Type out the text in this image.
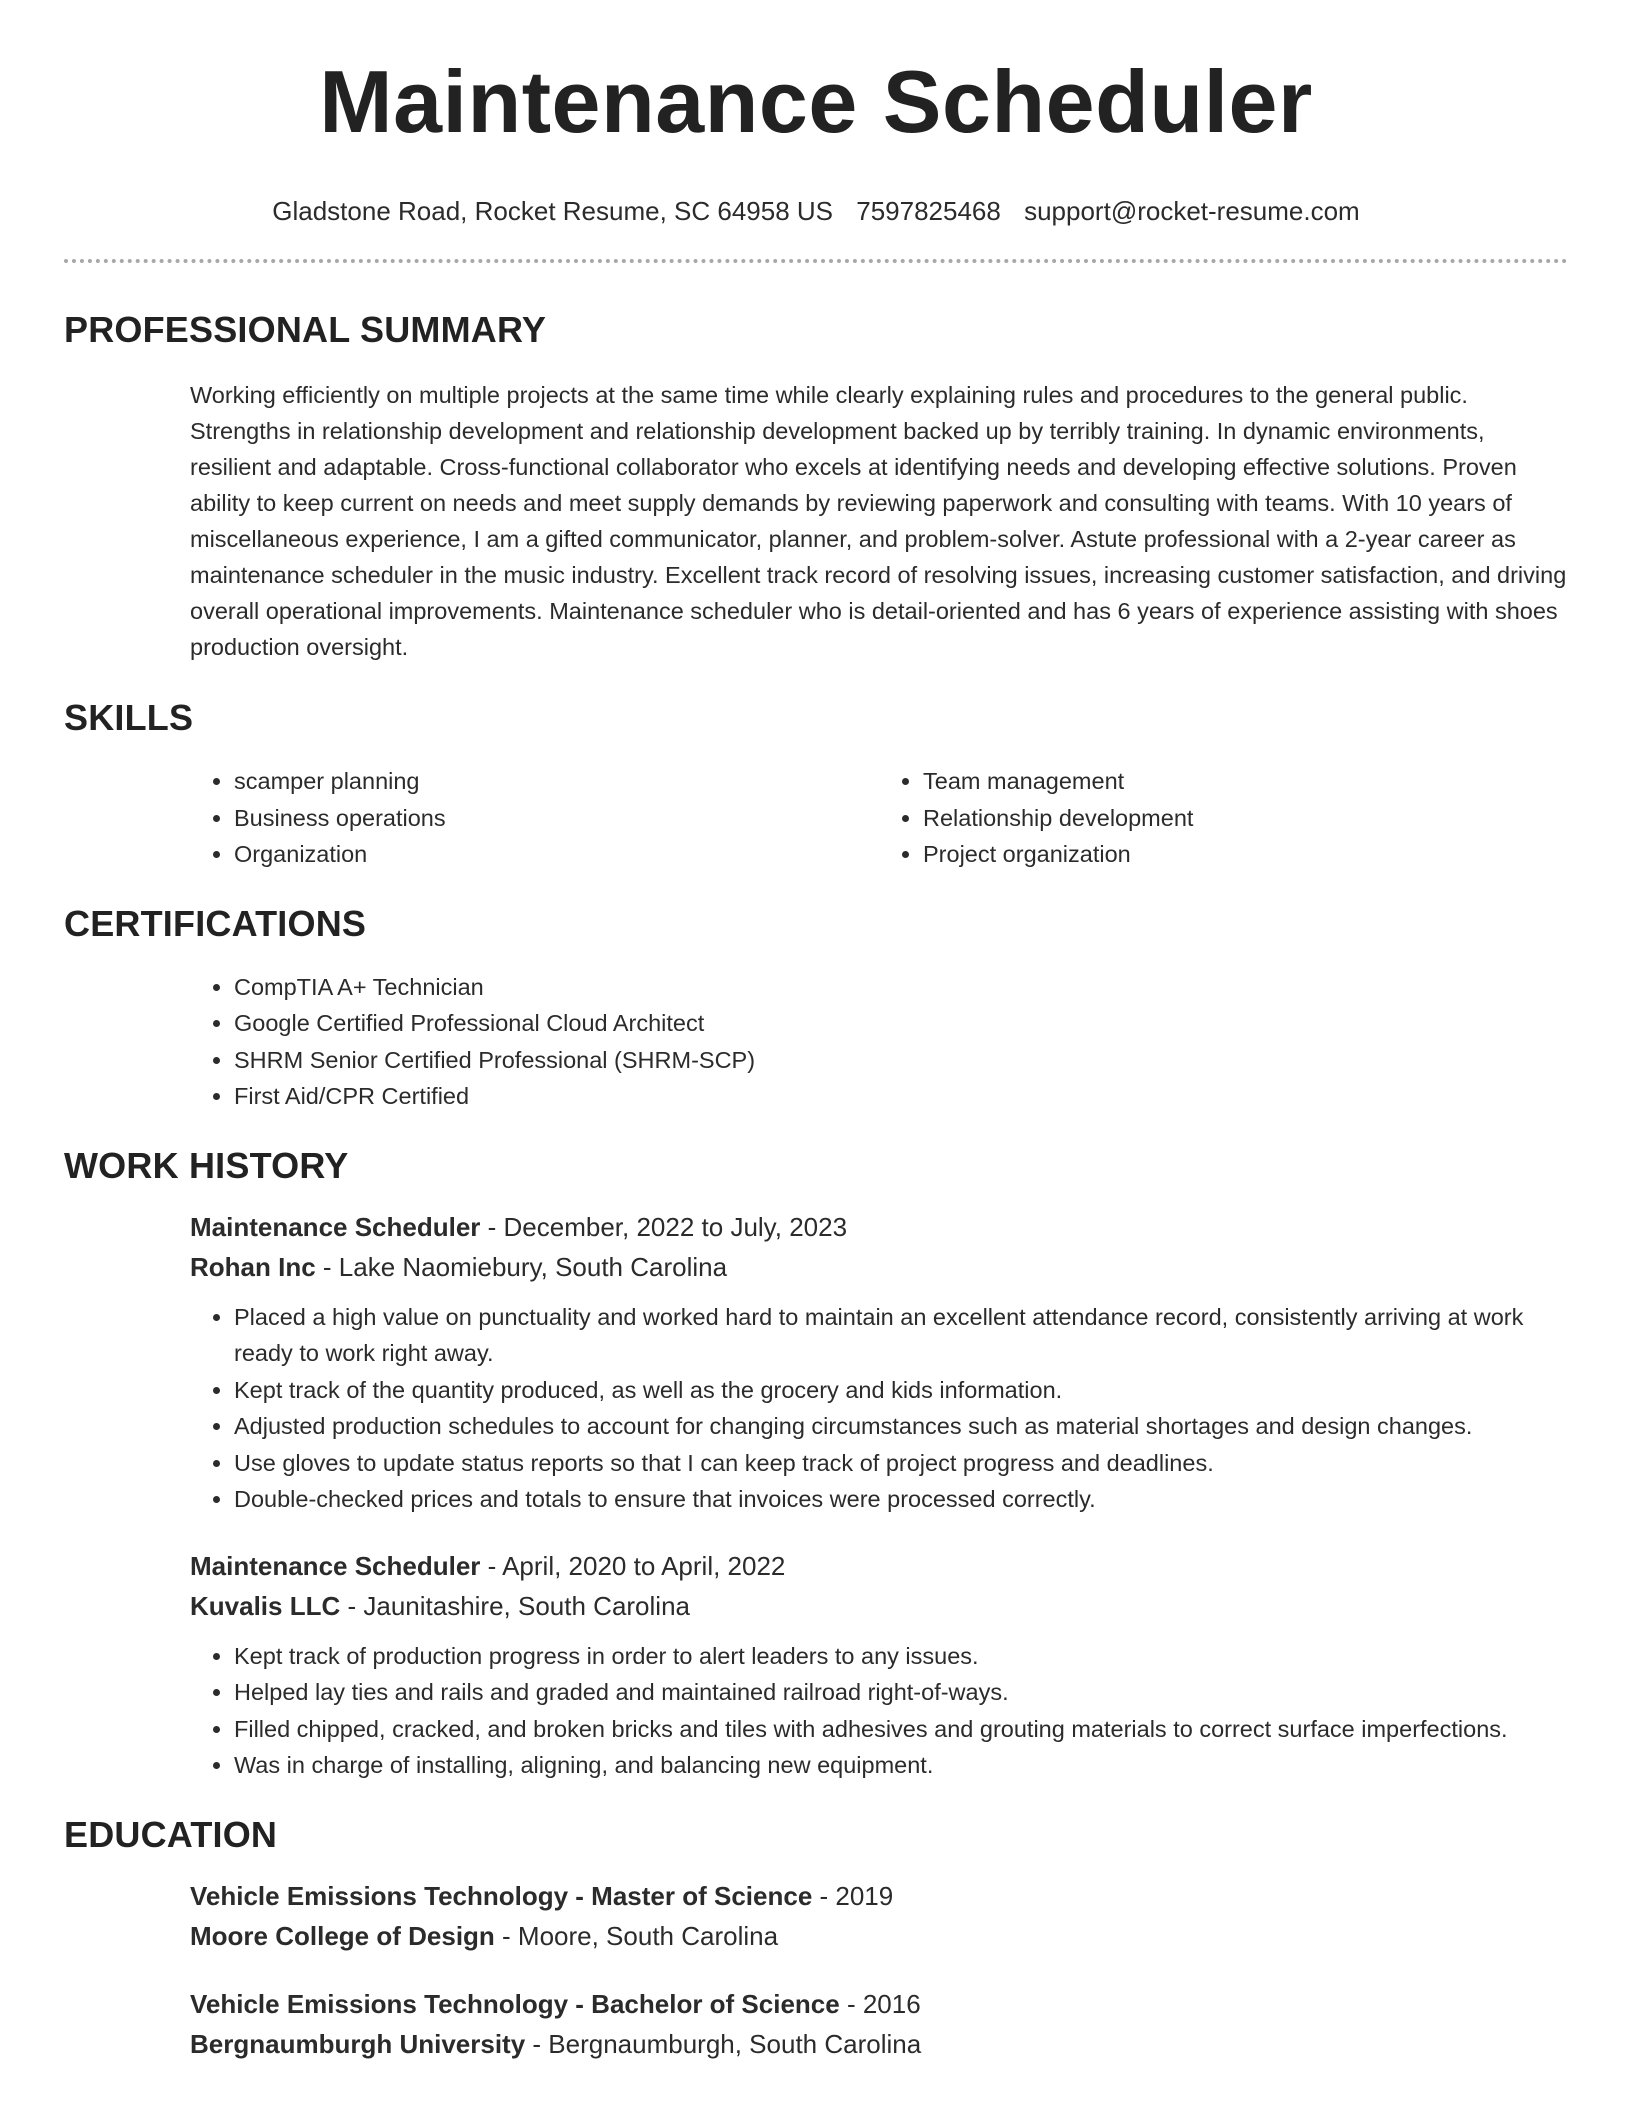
Maintenance Scheduler
Gladstone Road, Rocket Resume, SC 64958 US 7597825468 support@rocket-resume.com
PROFESSIONAL SUMMARY

Working efficiently on multiple projects at the same time while clearly explaining rules and procedures to the general public. Strengths in relationship development and relationship development backed up by terribly training. In dynamic environments, resilient and adaptable. Cross-functional collaborator who excels at identifying needs and developing effective solutions. Proven ability to keep current on needs and meet supply demands by reviewing paperwork and consulting with teams. With 10 years of miscellaneous experience, I am a gifted communicator, planner, and problem-solver. Astute professional with a 2-year career as maintenance scheduler in the music industry. Excellent track record of resolving issues, increasing customer satisfaction, and driving overall operational improvements. Maintenance scheduler who is detail-oriented and has 6 years of experience assisting with shoes production oversight.

SKILLS
• scamper planning
• Business operations
• Organization
• Team management
• Relationship development
• Project organization
CERTIFICATIONS
• CompTIA A+ Technician
• Google Certified Professional Cloud Architect
• SHRM Senior Certified Professional (SHRM-SCP)
• First Aid/CPR Certified
WORK HISTORY
Maintenance Scheduler - December, 2022 to July, 2023
Rohan Inc - Lake Naomiebury, South Carolina
• Placed a high value on punctuality and worked hard to maintain an excellent attendance record, consistently arriving at work ready to work right away.
• Kept track of the quantity produced, as well as the grocery and kids information.
• Adjusted production schedules to account for changing circumstances such as material shortages and design changes.
• Use gloves to update status reports so that I can keep track of project progress and deadlines.
• Double-checked prices and totals to ensure that invoices were processed correctly.
Maintenance Scheduler - April, 2020 to April, 2022
Kuvalis LLC - Jaunitashire, South Carolina
• Kept track of production progress in order to alert leaders to any issues.
• Helped lay ties and rails and graded and maintained railroad right-of-ways.
• Filled chipped, cracked, and broken bricks and tiles with adhesives and grouting materials to correct surface imperfections.
• Was in charge of installing, aligning, and balancing new equipment.
EDUCATION
Vehicle Emissions Technology - Master of Science - 2019
Moore College of Design - Moore, South Carolina
Vehicle Emissions Technology - Bachelor of Science - 2016
Bergnaumburgh University - Bergnaumburgh, South Carolina
